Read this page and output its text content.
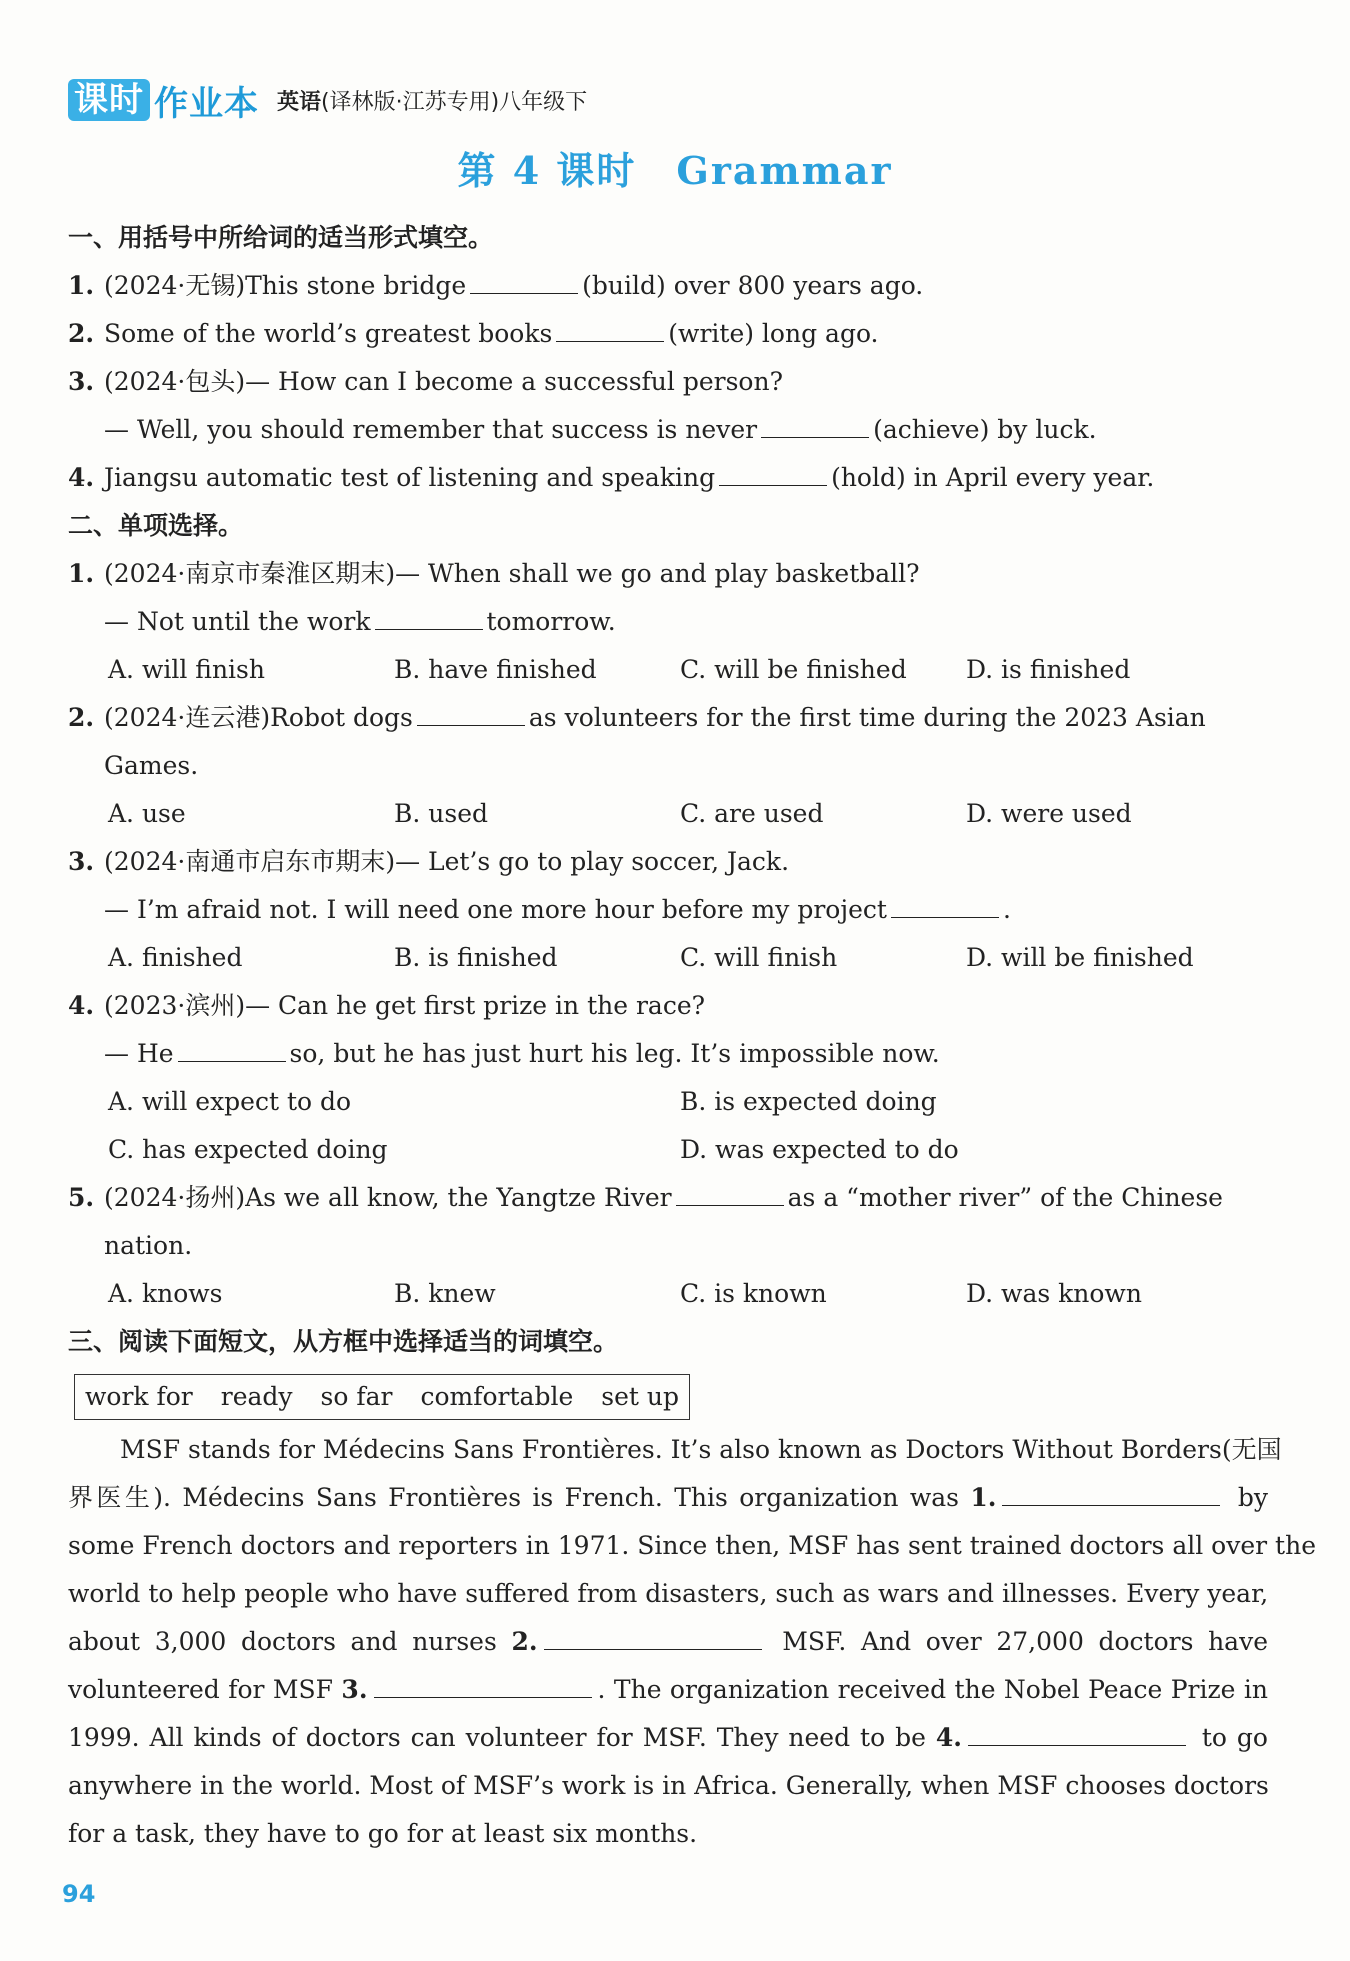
课时 作业本 英语(译林版·江苏专用)八年级下
第 4 课时　Grammar
一、用括号中所给词的适当形式填空。
1. (2024·无锡)This stone bridge	(build) over 800 years ago.
2. Some of the world’s greatest books	(write) long ago.
3. (2024·包头)— How can I become a successful person?
— Well, you should remember that success is never	(achieve) by luck.
4. Jiangsu automatic test of listening and speaking	(hold) in April every year.
二、单项选择。
1. (2024·南京市秦淮区期末)— When shall we go and play basketball?
— Not until the work	tomorrow.
A. will finish	B. have finished	C. will be finished D. is finished
2. (2024·连云港)Robot dogs	as volunteers for the first time during the 2023 Asian
Games.
A. use	B. used	C. are used	D. were used
3. (2024·南通市启东市期末)— Let’s go to play soccer, Jack.
— I’m afraid not. I will need one more hour before my project	.
A. finished	B. is finished	C. will finish	D. will be finished
4. (2023·滨州)— Can he get first prize in the race?
— He	so, but he has just hurt his leg. It’s impossible now.
A. will expect to do	B. is expected doing
C. has expected doing	D. was expected to do
5. (2024·扬州)As we all know, the Yangtze River	as a “mother river” of the Chinese
nation.
A. knows	B. knew	C. is known	D. was known
三、阅读下面短文，从方框中选择适当的词填空。
work for ready so far comfortable set up
MSF stands for Médecins Sans Frontières. It’s also known as Doctors Without Borders(无国
界医生). Médecins Sans Frontières is French. This organization was 1.	by
some French doctors and reporters in 1971. Since then, MSF has sent trained doctors all over the
world to help people who have suffered from disasters, such as wars and illnesses. Every year,
about 3,000 doctors and nurses 2.	MSF. And over 27,000 doctors have
volunteered for MSF 3.	. The organization received the Nobel Peace Prize in
1999. All kinds of doctors can volunteer for MSF. They need to be 4.	to go
anywhere in the world. Most of MSF’s work is in Africa. Generally, when MSF chooses doctors
for a task, they have to go for at least six months.
94
